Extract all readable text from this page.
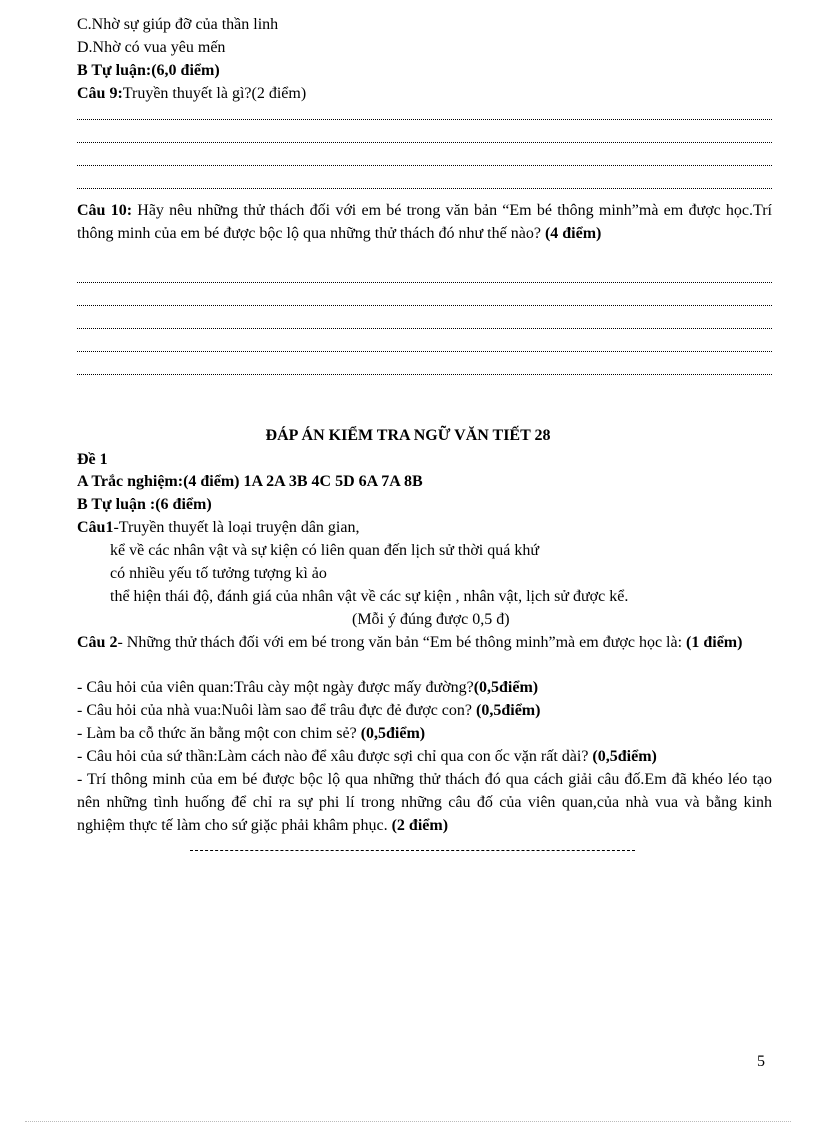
C.Nhờ sự giúp đỡ của thần linh
D.Nhờ có vua yêu mến
B Tự luận:(6,0 điểm)
Câu 9:Truyền thuyết là gì?(2 điểm)
Câu 10: Hãy nêu những thử thách đối với em bé trong văn bản “Em bé thông minh”mà em được học.Trí thông minh của em bé được bộc lộ qua những thử thách đó như thế nào? (4 điểm)
ĐÁP ÁN KIỂM TRA NGỮ VĂN TIẾT 28
Đề 1
A Trắc nghiệm:(4 điểm) 1A 2A 3B 4C 5D 6A 7A 8B
B Tự luận :(6 điểm)
Câu1-Truyền thuyết là loại truyện dân gian,
kể về các nhân vật và sự kiện có liên quan đến lịch sử thời quá khứ
có nhiều yếu tố tưởng tượng kì ảo
thể hiện thái độ, đánh giá của nhân vật về các sự kiện , nhân vật, lịch sử được kể.
(Mỗi ý đúng được 0,5 đ)
Câu 2- Những thử thách đối với em bé trong văn bản “Em bé thông minh”mà em được học là: (1 điểm)
- Câu hỏi của viên quan:Trâu cày một ngày được mấy đường?(0,5điểm)
- Câu hỏi của nhà vua:Nuôi làm sao để trâu đực đẻ được con? (0,5điểm)
- Làm ba cỗ thức ăn bằng một con chim sẻ? (0,5điểm)
- Câu hỏi của sứ thần:Làm cách nào để xâu được sợi chỉ qua con ốc vặn rất dài? (0,5điểm)
- Trí thông minh của em bé được bộc lộ qua những thử thách đó qua cách giải câu đố.Em đã khéo léo tạo nên những tình huống để chỉ ra sự phi lí trong những câu đố của viên quan,của nhà vua và bằng kinh nghiệm thực tế làm cho sứ giặc phải khâm phục. (2 điểm)
5
